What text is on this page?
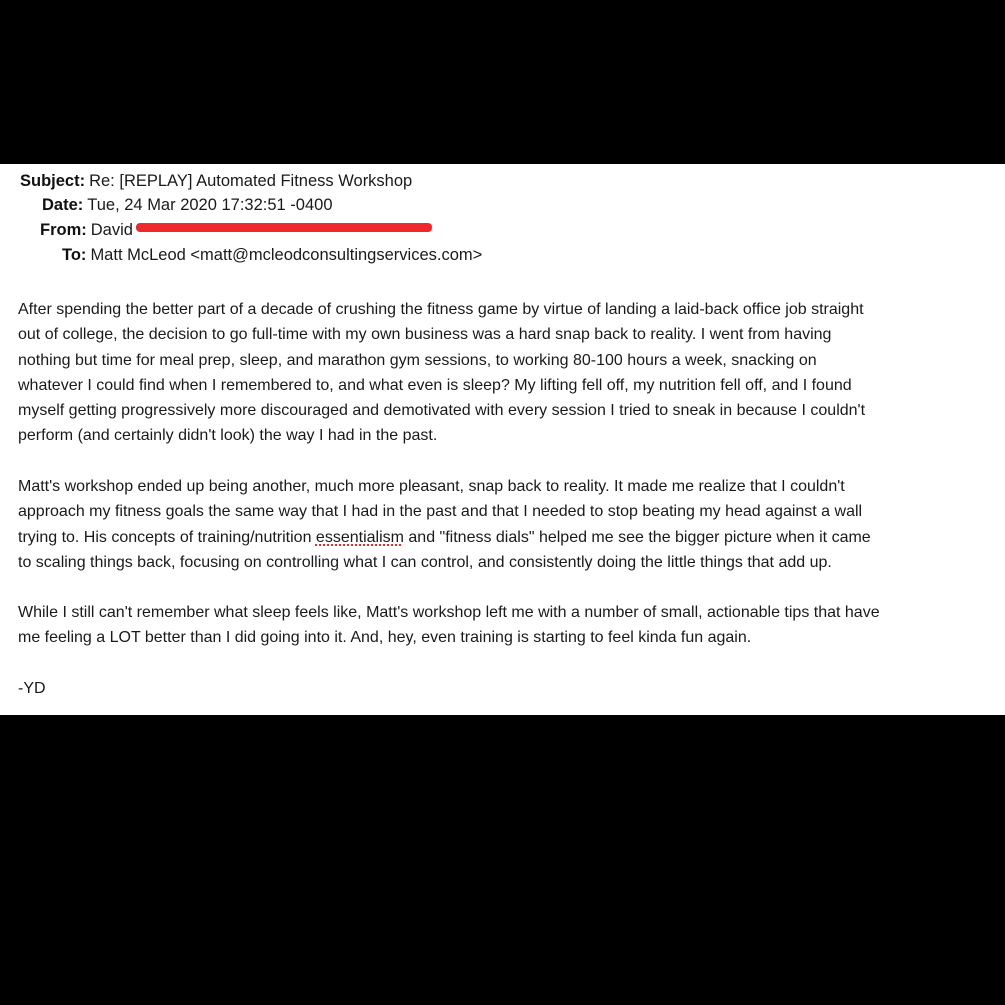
Subject: Re: [REPLAY] Automated Fitness Workshop
Date: Tue, 24 Mar 2020 17:32:51 -0400
From: David
To: Matt McLeod <matt@mcleodconsultingservices.com>
After spending the better part of a decade of crushing the fitness game by virtue of landing a laid-back office job straight
out of college, the decision to go full-time with my own business was a hard snap back to reality. I went from having
nothing but time for meal prep, sleep, and marathon gym sessions, to working 80-100 hours a week, snacking on
whatever I could find when I remembered to, and what even is sleep? My lifting fell off, my nutrition fell off, and I found
myself getting progressively more discouraged and demotivated with every session I tried to sneak in because I couldn't
perform (and certainly didn't look) the way I had in the past.
Matt's workshop ended up being another, much more pleasant, snap back to reality. It made me realize that I couldn't
approach my fitness goals the same way that I had in the past and that I needed to stop beating my head against a wall
trying to. His concepts of training/nutrition essentialism and "fitness dials" helped me see the bigger picture when it came
to scaling things back, focusing on controlling what I can control, and consistently doing the little things that add up.
While I still can't remember what sleep feels like, Matt's workshop left me with a number of small, actionable tips that have
me feeling a LOT better than I did going into it. And, hey, even training is starting to feel kinda fun again.
-YD
